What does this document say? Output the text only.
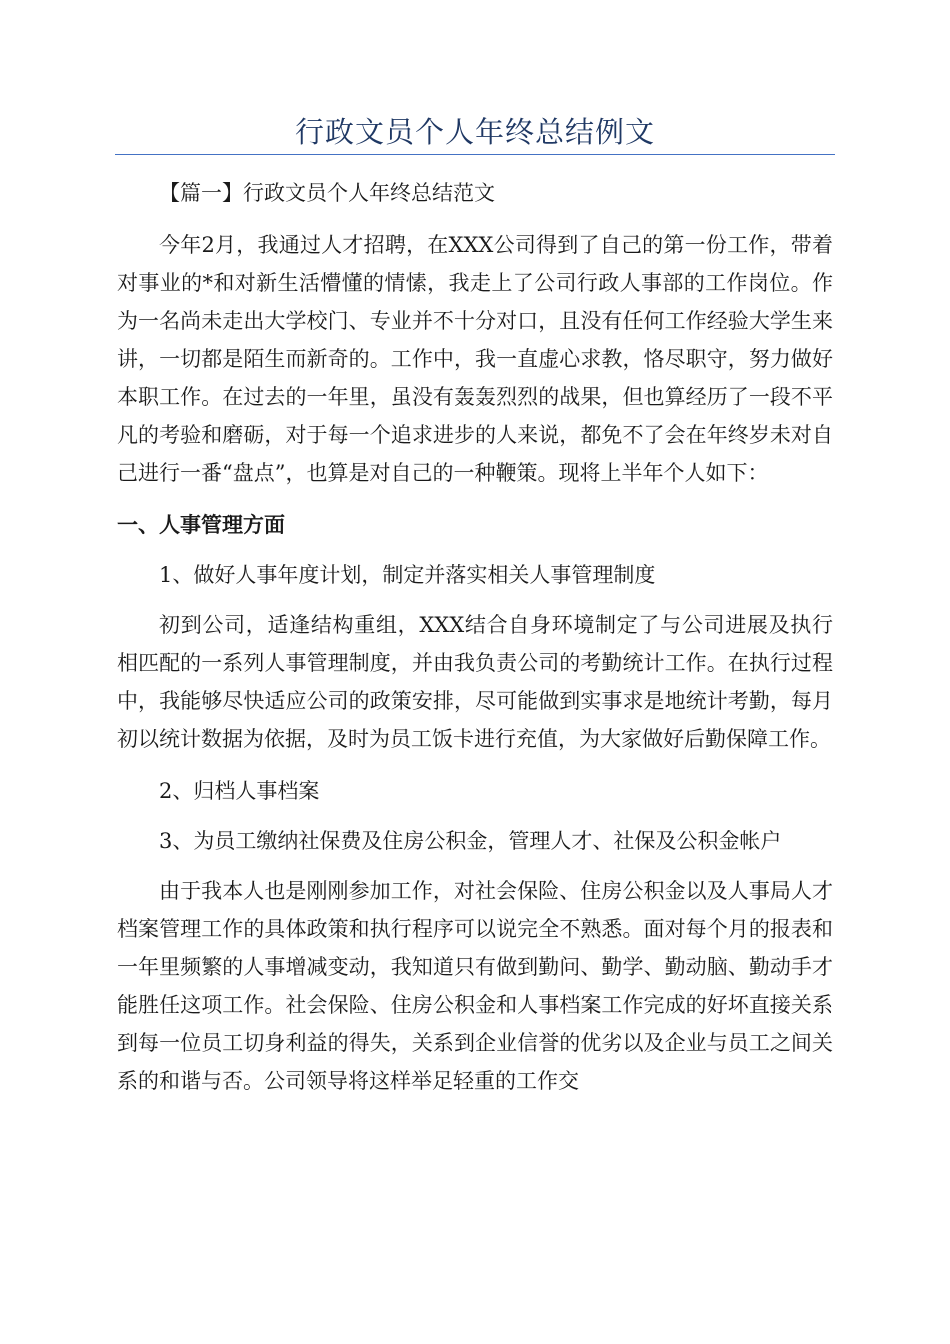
行政文员个人年终总结例文

【篇一】行政文员个人年终总结范文

今年2月，我通过人才招聘，在XXX公司得到了自己的第一份工作，带着对事业的*和对新生活懵懂的情愫，我走上了公司行政人事部的工作岗位。作为一名尚未走出大学校门、专业并不十分对口，且没有任何工作经验大学生来讲，一切都是陌生而新奇的。工作中，我一直虚心求教，恪尽职守，努力做好本职工作。在过去的一年里，虽没有轰轰烈烈的战果，但也算经历了一段不平凡的考验和磨砺，对于每一个追求进步的人来说，都免不了会在年终岁未对自己进行一番“盘点”，也算是对自己的一种鞭策。现将上半年个人如下：

一、人事管理方面

1、做好人事年度计划，制定并落实相关人事管理制度

初到公司，适逢结构重组，XXX结合自身环境制定了与公司进展及执行相匹配的一系列人事管理制度，并由我负责公司的考勤统计工作。在执行过程中，我能够尽快适应公司的政策安排，尽可能做到实事求是地统计考勤，每月初以统计数据为依据，及时为员工饭卡进行充值，为大家做好后勤保障工作。

2、归档人事档案

3、为员工缴纳社保费及住房公积金，管理人才、社保及公积金帐户

由于我本人也是刚刚参加工作，对社会保险、住房公积金以及人事局人才档案管理工作的具体政策和执行程序可以说完全不熟悉。面对每个月的报表和一年里频繁的人事增减变动，我知道只有做到勤问、勤学、勤动脑、勤动手才能胜任这项工作。社会保险、住房公积金和人事档案工作完成的好坏直接关系到每一位员工切身利益的得失，关系到企业信誉的优劣以及企业与员工之间关系的和谐与否。公司领导将这样举足轻重的工作交
